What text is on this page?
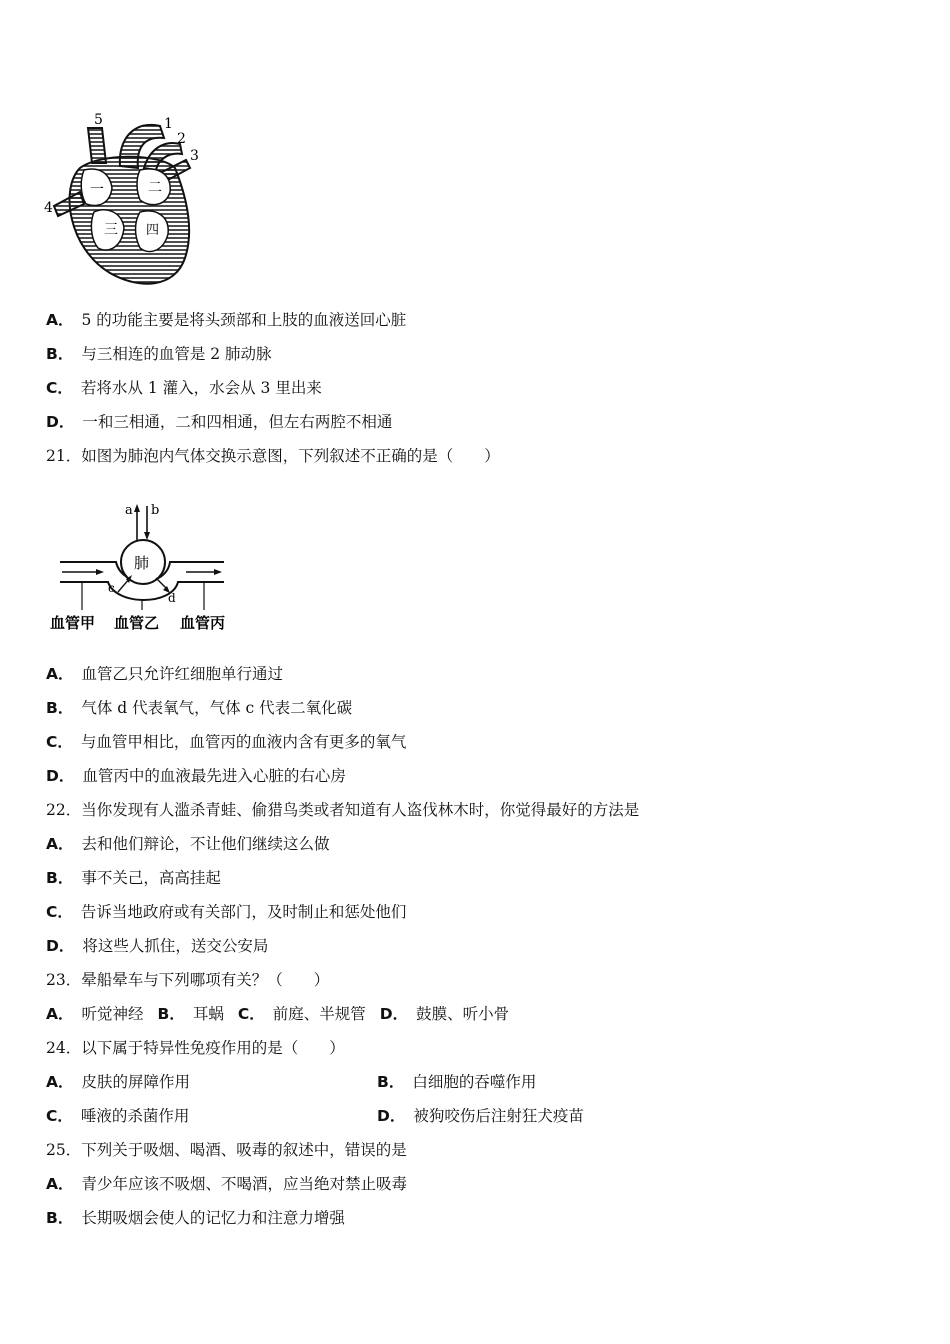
一	二
三 四
1
2
3
4
5
A． 5 的功能主要是将头颈部和上肢的血液送回心脏
B． 与三相连的血管是 2 肺动脉
C． 若将水从 1 灌入，水会从 3 里出来
D． 一和三相通，二和四相通，但左右两腔不相通
21．如图为肺泡内气体交换示意图，下列叙述不正确的是（　　）
肺
a b
c
d
血管甲 血管乙 血管丙
A． 血管乙只允许红细胞单行通过
B． 气体 d 代表氧气，气体 c 代表二氧化碳
C． 与血管甲相比，血管丙的血液内含有更多的氧气
D． 血管丙中的血液最先进入心脏的右心房
22．当你发现有人滥杀青蛙、偷猎鸟类或者知道有人盗伐林木时，你觉得最好的方法是
A． 去和他们辩论，不让他们继续这么做
B． 事不关己，高高挂起
C． 告诉当地政府或有关部门，及时制止和惩处他们
D． 将这些人抓住，送交公安局
23．晕船晕车与下列哪项有关？（　　）
A． 听觉神经 B． 耳蜗 C． 前庭、半规管 D． 鼓膜、听小骨
24．以下属于特异性免疫作用的是（　　）
A． 皮肤的屏障作用	B． 白细胞的吞噬作用
C． 唾液的杀菌作用	D． 被狗咬伤后注射狂犬疫苗
25．下列关于吸烟、喝酒、吸毒的叙述中，错误的是
A． 青少年应该不吸烟、不喝酒，应当绝对禁止吸毒
B． 长期吸烟会使人的记忆力和注意力增强
